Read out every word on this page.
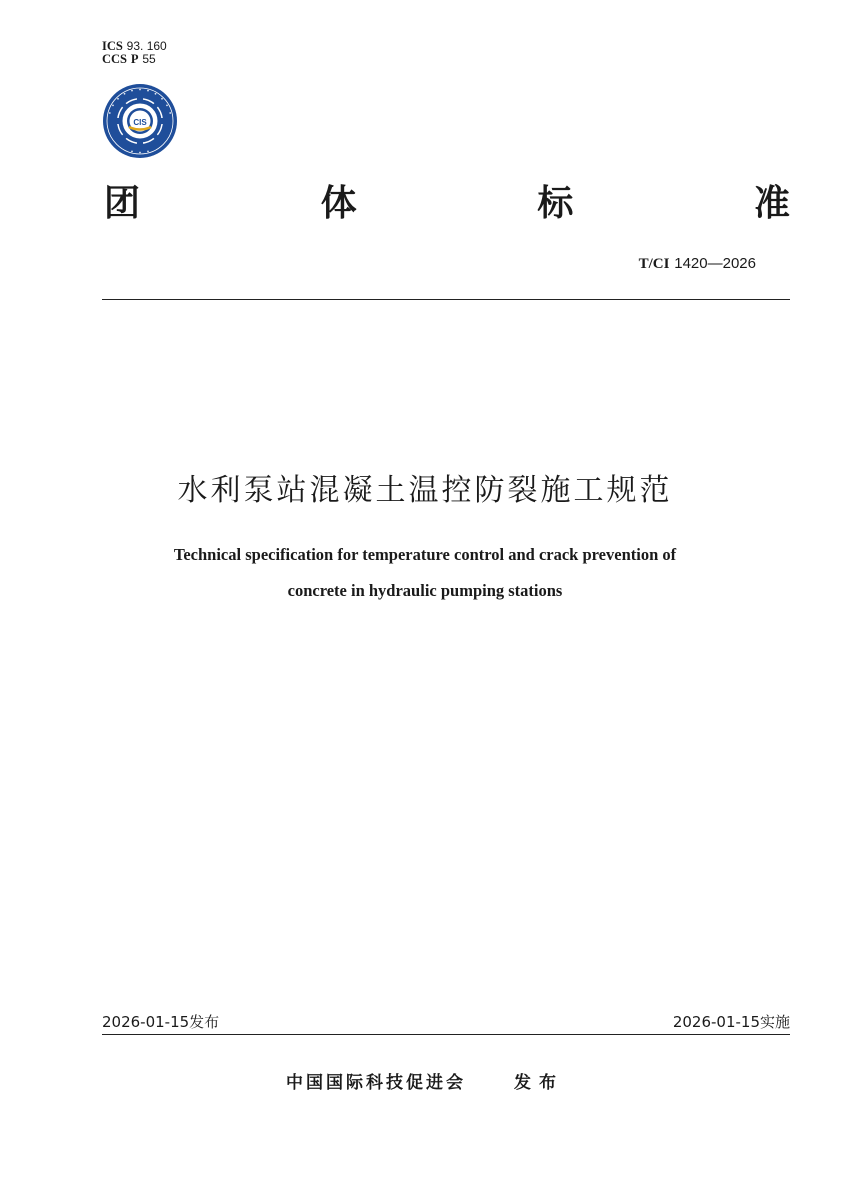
ICS 93. 160
CCS P 55
CIS
团	体	标	准
T/CI 1420—2026
水利泵站混凝土温控防裂施工规范
Technical specification for temperature control and crack prevention of
concrete in hydraulic pumping stations
2026-01-15发布	2026-01-15实施
中国国际科技促进会	发布
